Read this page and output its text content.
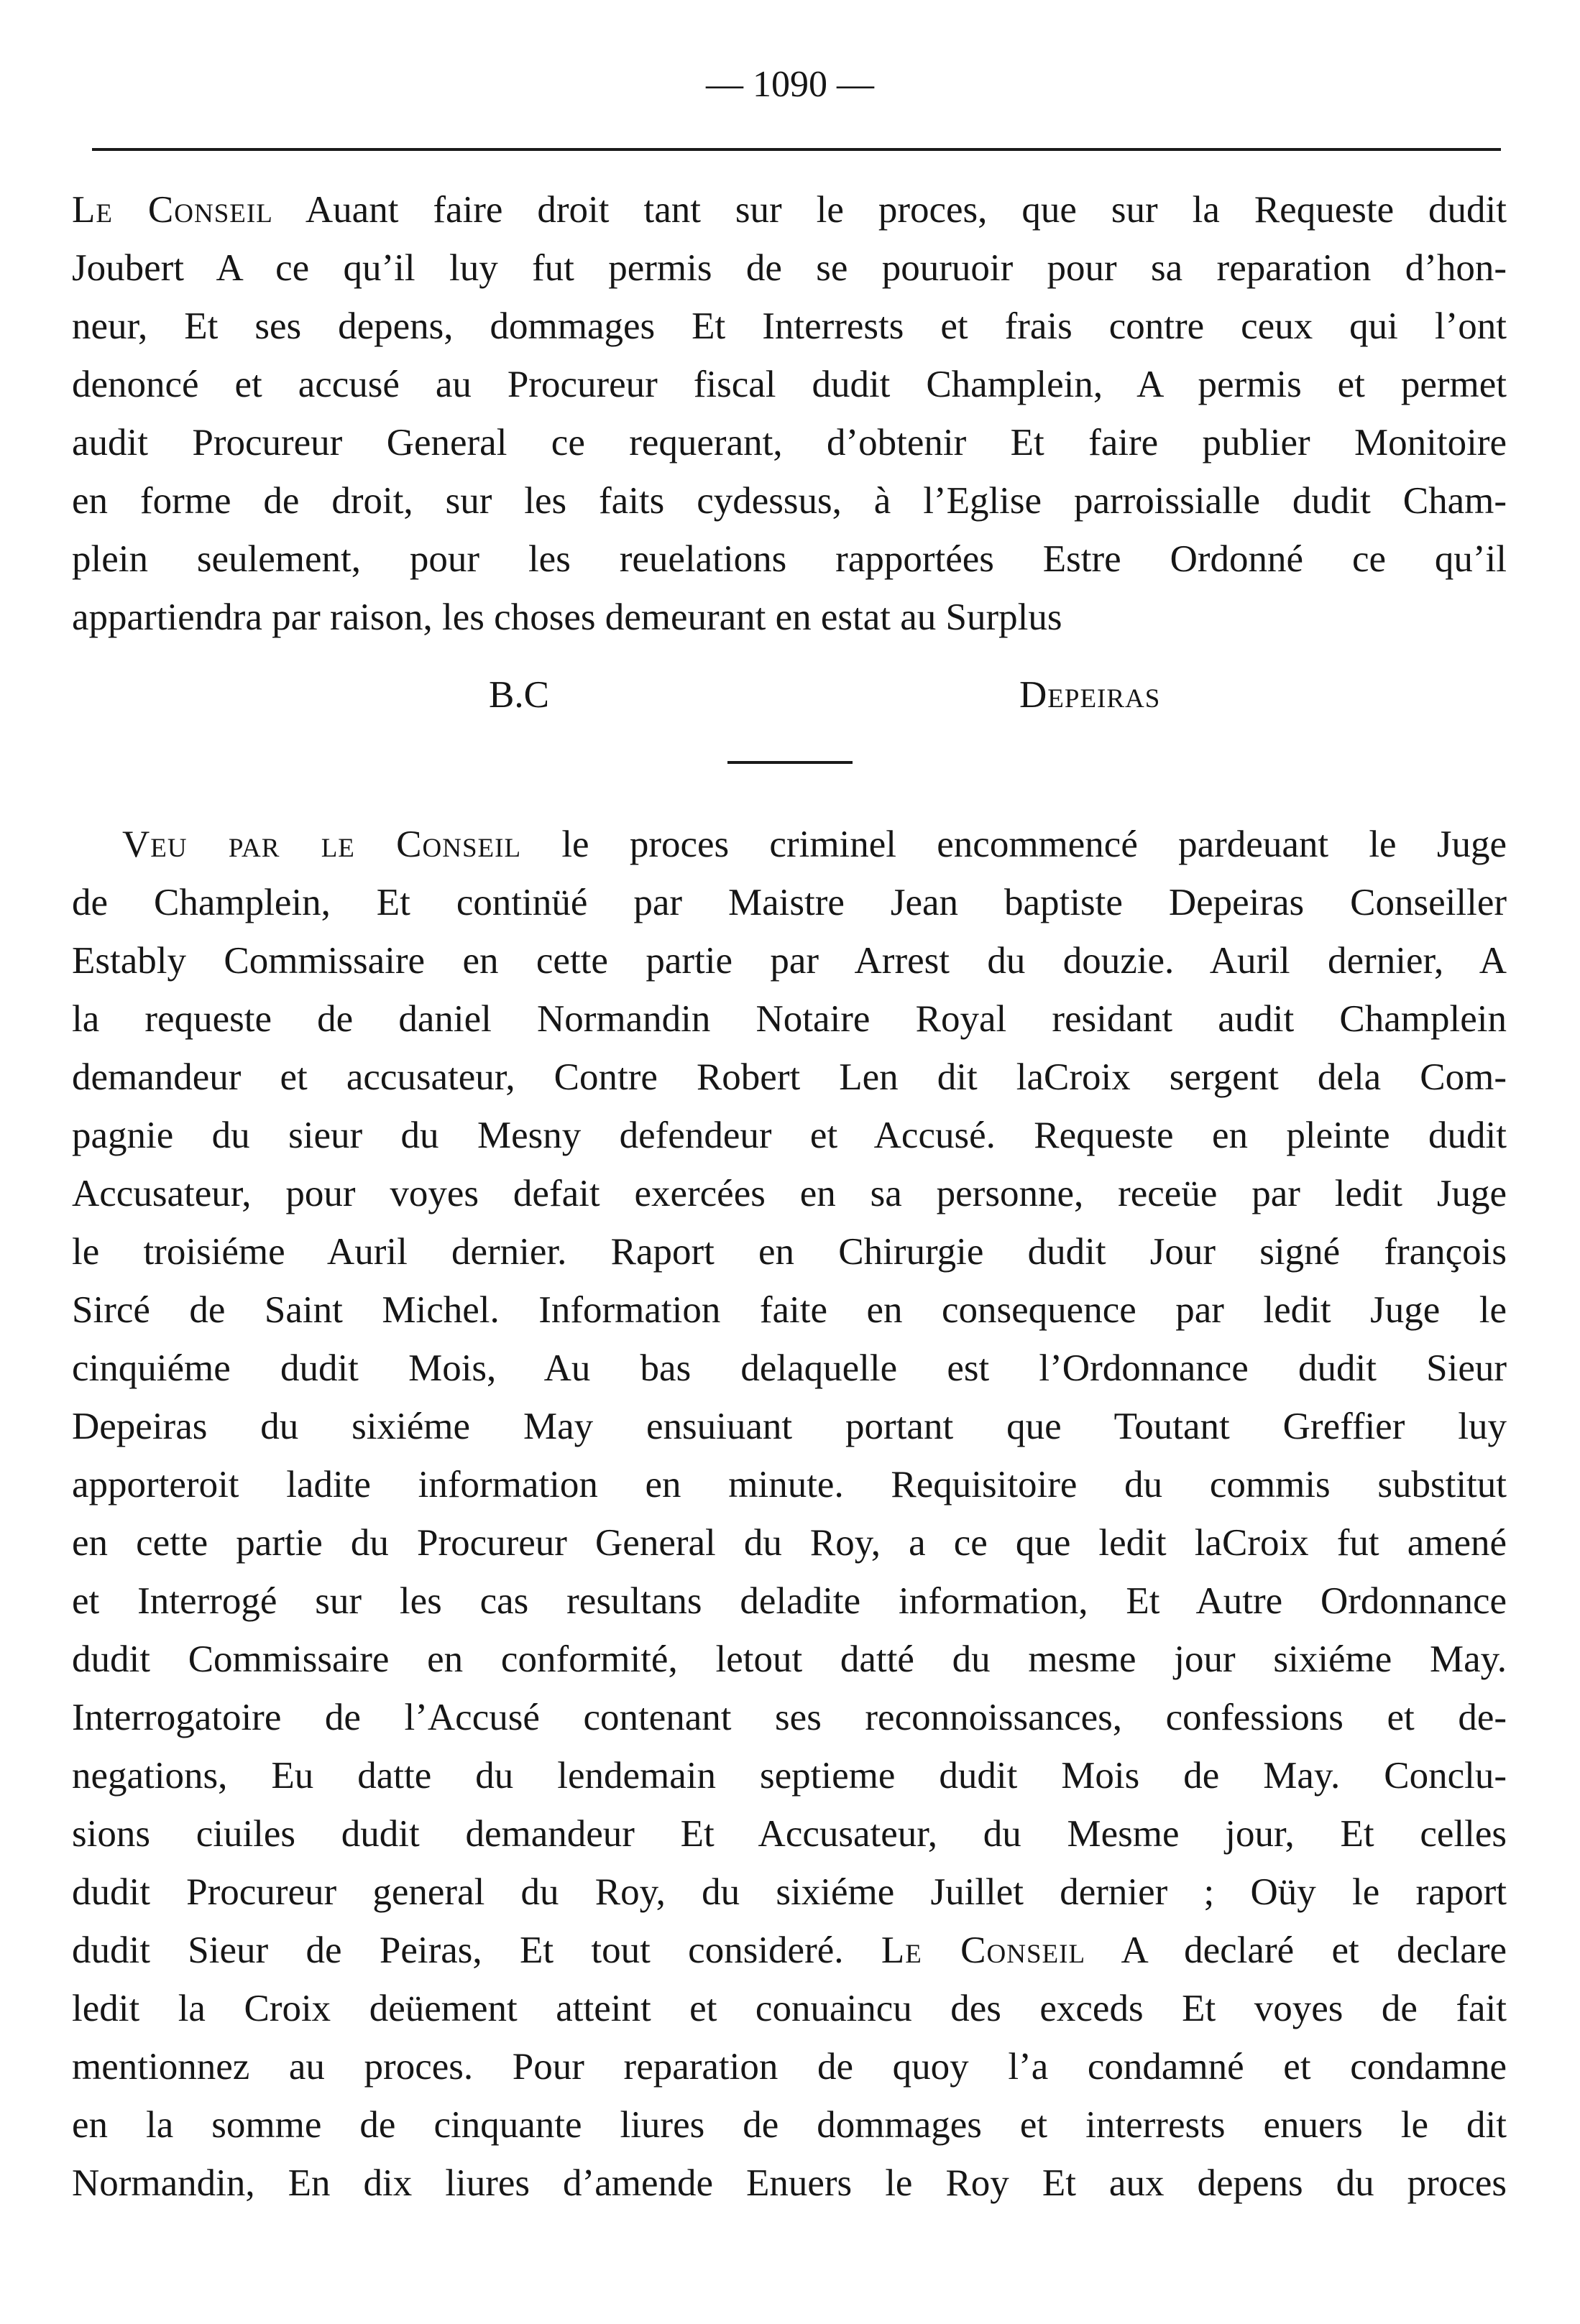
— 1090 —
Le Conseil Auant faire droit tant sur le proces, que sur la Requeste dudit
Joubert A ce qu’il luy fut permis de se pouruoir pour sa reparation d’hon-
neur, Et ses depens, dommages Et Interrests et frais contre ceux qui l’ont
denoncé et accusé au Procureur fiscal dudit Champlein, A permis et permet
audit Procureur General ce requerant, d’obtenir Et faire publier Monitoire
en forme de droit, sur les faits cydessus, à l’Eglise parroissialle dudit Cham-
plein seulement, pour les reuelations rapportées Estre Ordonné ce qu’il
appartiendra par raison, les choses demeurant en estat au Surplus
B.C	Depeiras
Veu par le Conseil le proces criminel encommencé pardeuant le Juge
de Champlein, Et continüé par Maistre Jean baptiste Depeiras Conseiller
Estably Commissaire en cette partie par Arrest du douzie. Auril dernier, A
la requeste de daniel Normandin Notaire Royal residant audit Champlein
demandeur et accusateur, Contre Robert Len dit laCroix sergent dela Com-
pagnie du sieur du Mesny defendeur et Accusé. Requeste en pleinte dudit
Accusateur, pour voyes defait exercées en sa personne, receüe par ledit Juge
le troisiéme Auril dernier. Raport en Chirurgie dudit Jour signé françois
Sircé de Saint Michel. Information faite en consequence par ledit Juge le
cinquiéme dudit Mois, Au bas delaquelle est l’Ordonnance dudit Sieur
Depeiras du sixiéme May ensuiuant portant que Toutant Greffier luy
apporteroit ladite information en minute. Requisitoire du commis substitut
en cette partie du Procureur General du Roy, a ce que ledit laCroix fut amené
et Interrogé sur les cas resultans deladite information, Et Autre Ordonnance
dudit Commissaire en conformité, letout datté du mesme jour sixiéme May.
Interrogatoire de l’Accusé contenant ses reconnoissances, confessions et de-
negations, Eu datte du lendemain septieme dudit Mois de May. Conclu-
sions ciuiles dudit demandeur Et Accusateur, du Mesme jour, Et celles
dudit Procureur general du Roy, du sixiéme Juillet dernier ; Oüy le raport
dudit Sieur de Peiras, Et tout consideré. Le Conseil A declaré et declare
ledit la Croix deüement atteint et conuaincu des exceds Et voyes de fait
mentionnez au proces. Pour reparation de quoy l’a condamné et condamne
en la somme de cinquante liures de dommages et interrests enuers le dit
Normandin, En dix liures d’amende Enuers le Roy Et aux depens du proces
